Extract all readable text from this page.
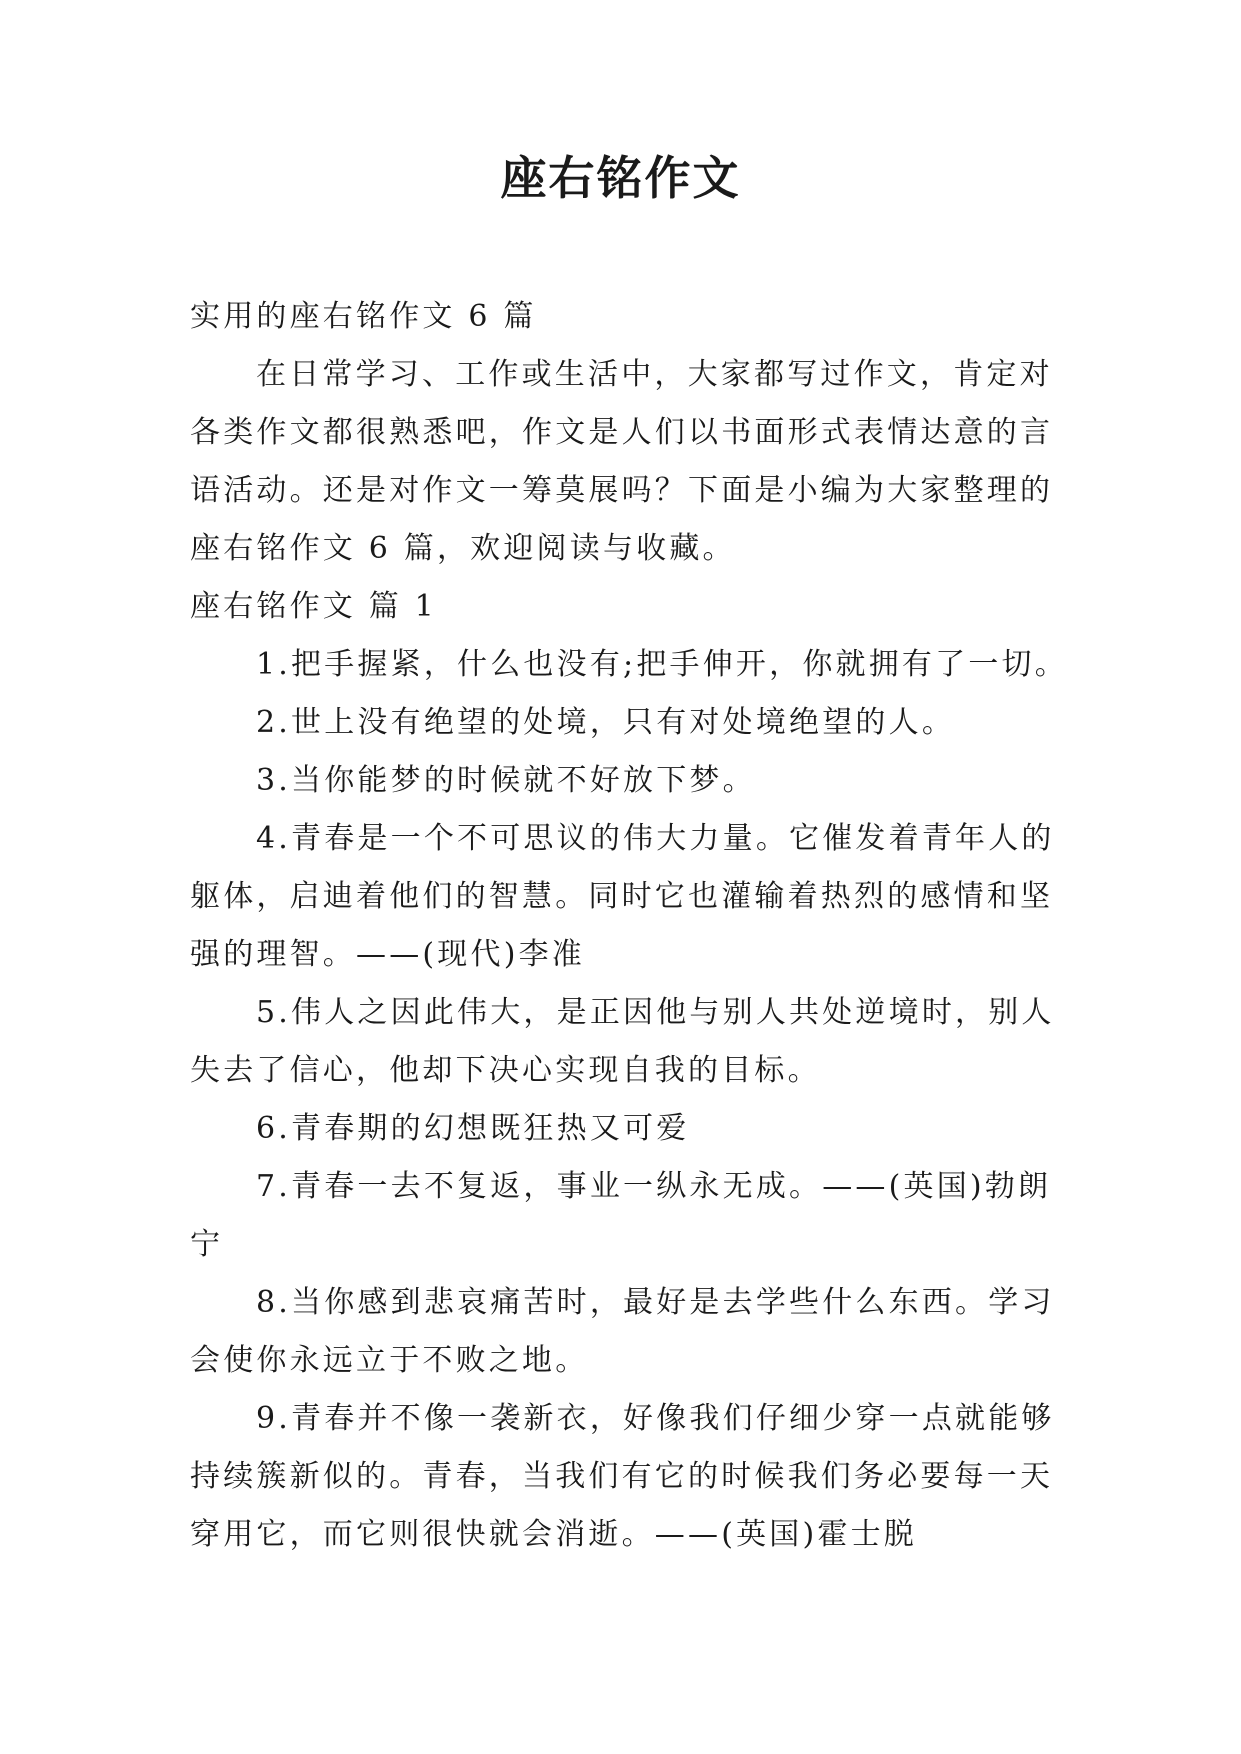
座右铭作文

实用的座右铭作文 6 篇

在日常学习、工作或生活中，大家都写过作文，肯定对

各类作文都很熟悉吧，作文是人们以书面形式表情达意的言

语活动。还是对作文一筹莫展吗？下面是小编为大家整理的

座右铭作文 6 篇，欢迎阅读与收藏。

座右铭作文 篇 1

1.把手握紧，什么也没有;把手伸开，你就拥有了一切。

2.世上没有绝望的处境，只有对处境绝望的人。

3.当你能梦的时候就不好放下梦。

4.青春是一个不可思议的伟大力量。它催发着青年人的

躯体，启迪着他们的智慧。同时它也灌输着热烈的感情和坚

强的理智。——(现代)李准

5.伟人之因此伟大，是正因他与别人共处逆境时，别人

失去了信心，他却下决心实现自我的目标。

6.青春期的幻想既狂热又可爱

7.青春一去不复返，事业一纵永无成。——(英国)勃朗

宁

8.当你感到悲哀痛苦时，最好是去学些什么东西。学习

会使你永远立于不败之地。

9.青春并不像一袭新衣，好像我们仔细少穿一点就能够

持续簇新似的。青春，当我们有它的时候我们务必要每一天

穿用它，而它则很快就会消逝。——(英国)霍士脱
